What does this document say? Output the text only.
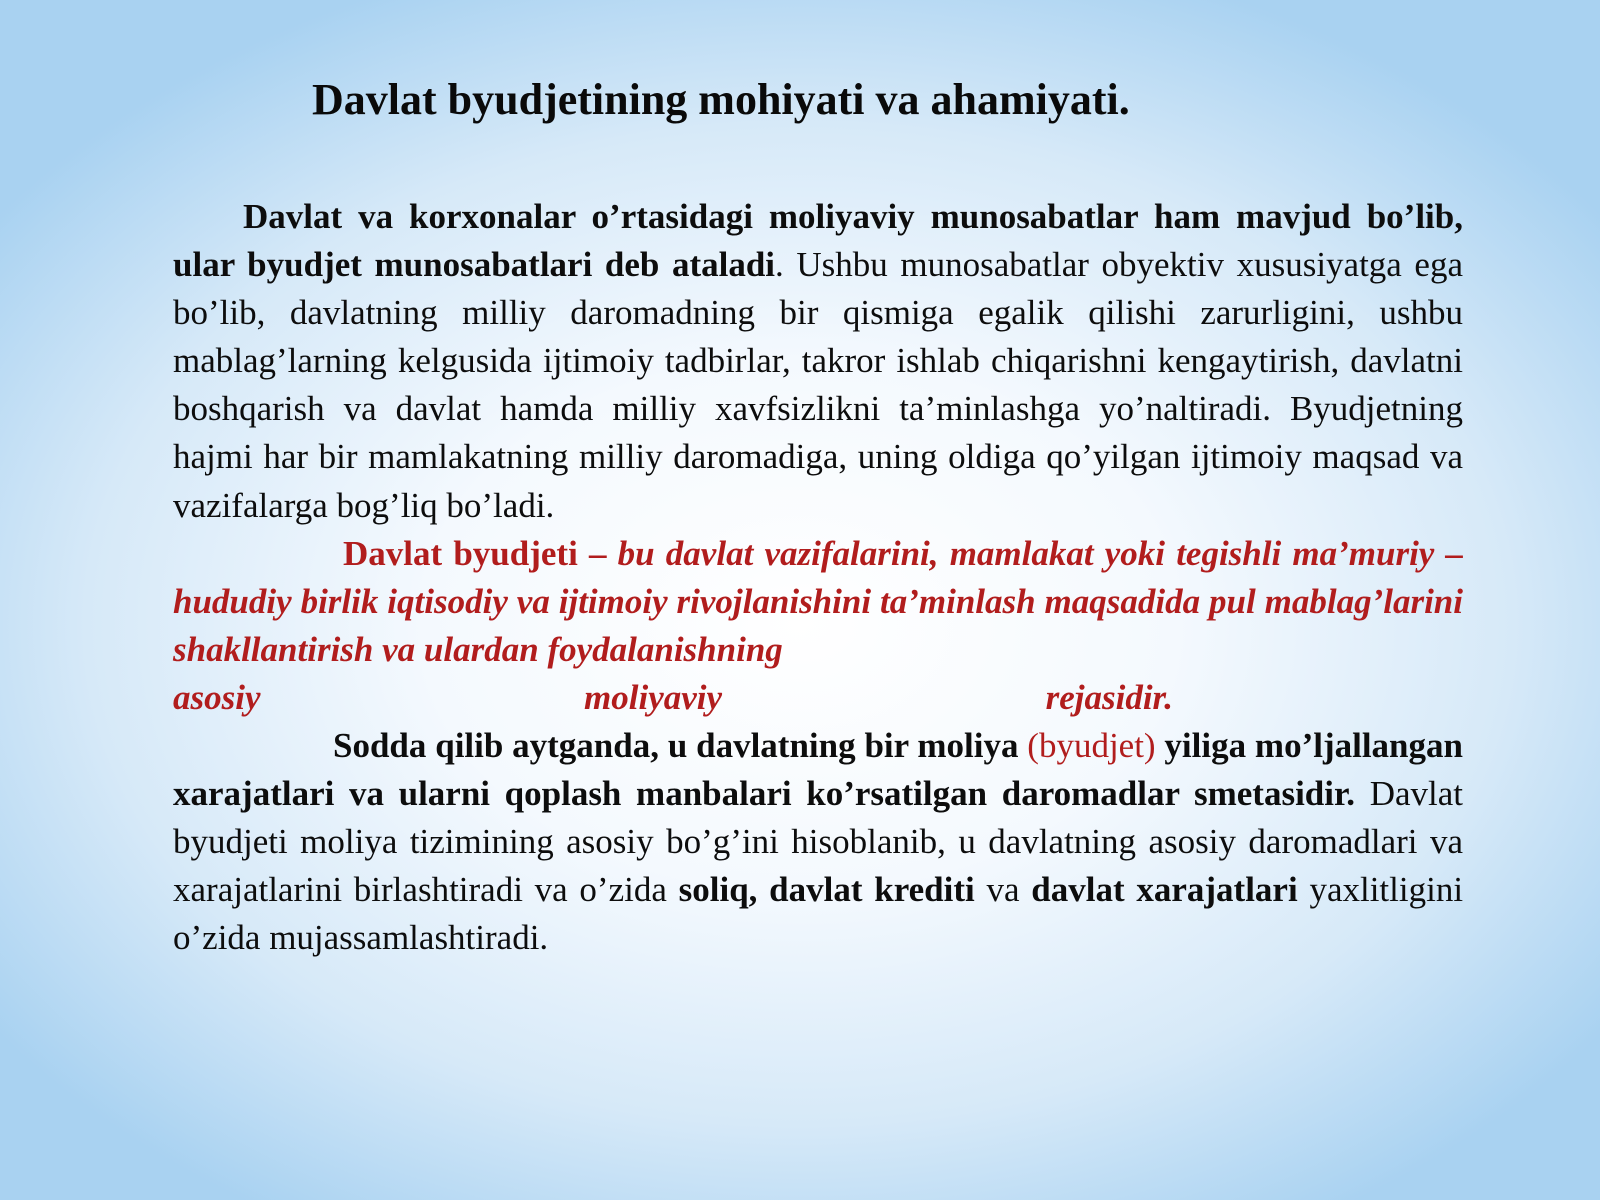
Davlat byudjetining mohiyati va ahamiyati.

Davlat va korxonalar o’rtasidagi moliyaviy munosabatlar ham mavjud bo’lib, ular byudjet munosabatlari deb ataladi. Ushbu munosabatlar obyektiv xususiyatga ega bo’lib, davlatning milliy daromadning bir qismiga egalik qilishi zarurligini, ushbu mablag’larning kelgusida ijtimoiy tadbirlar, takror ishlab chiqarishni kengaytirish, davlatni boshqarish va davlat hamda milliy xavfsizlikni ta’minlashga yo’naltiradi. Byudjetning hajmi har bir mamlakatning milliy daromadiga, uning oldiga qo’yilgan ijtimoiy maqsad va vazifalarga bog’liq bo’ladi.

Davlat byudjeti – bu davlat vazifalarini, mamlakat yoki tegishli ma’muriy – hududiy birlik iqtisodiy va ijtimoiy rivojlanishini ta’minlash maqsadida pul mablag’larini shakllantirish va ulardan foydalanishning

asosiy	moliyaviy	rejasidir.

Sodda qilib aytganda, u davlatning bir moliya (byudjet) yiliga mo’ljallangan xarajatlari va ularni qoplash manbalari ko’rsatilgan daromadlar smetasidir. Davlat byudjeti moliya tizimining asosiy bo’g’ini hisoblanib, u davlatning asosiy daromadlari va xarajatlarini birlashtiradi va o’zida soliq, davlat krediti va davlat xarajatlari yaxlitligini o’zida mujassamlashtiradi.
